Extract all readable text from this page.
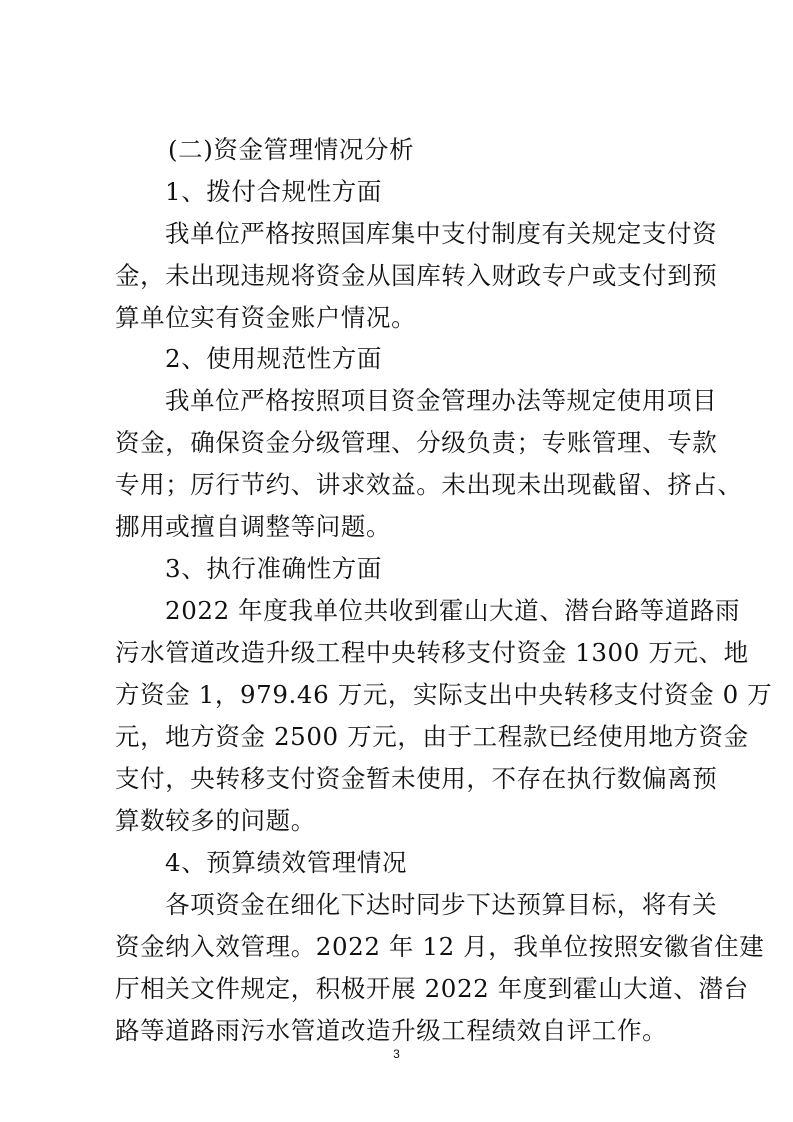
(二)资金管理情况分析
1、拨付合规性方面
我单位严格按照国库集中支付制度有关规定支付资
金，未出现违规将资金从国库转入财政专户或支付到预
算单位实有资金账户情况。
2、使用规范性方面
我单位严格按照项目资金管理办法等规定使用项目
资金，确保资金分级管理、分级负责；专账管理、专款
专用；厉行节约、讲求效益。未出现未出现截留、挤占、
挪用或擅自调整等问题。
3、执行准确性方面
2022 年度我单位共收到霍山大道、潜台路等道路雨
污水管道改造升级工程中央转移支付资金 1300 万元、地
方资金 1，979.46 万元，实际支出中央转移支付资金 0 万
元，地方资金 2500 万元，由于工程款已经使用地方资金
支付，央转移支付资金暂未使用，不存在执行数偏离预
算数较多的问题。
4、预算绩效管理情况
各项资金在细化下达时同步下达预算目标，将有关
资金纳入效管理。2022 年 12 月，我单位按照安徽省住建
厅相关文件规定，积极开展 2022 年度到霍山大道、潜台
路等道路雨污水管道改造升级工程绩效自评工作。
3
